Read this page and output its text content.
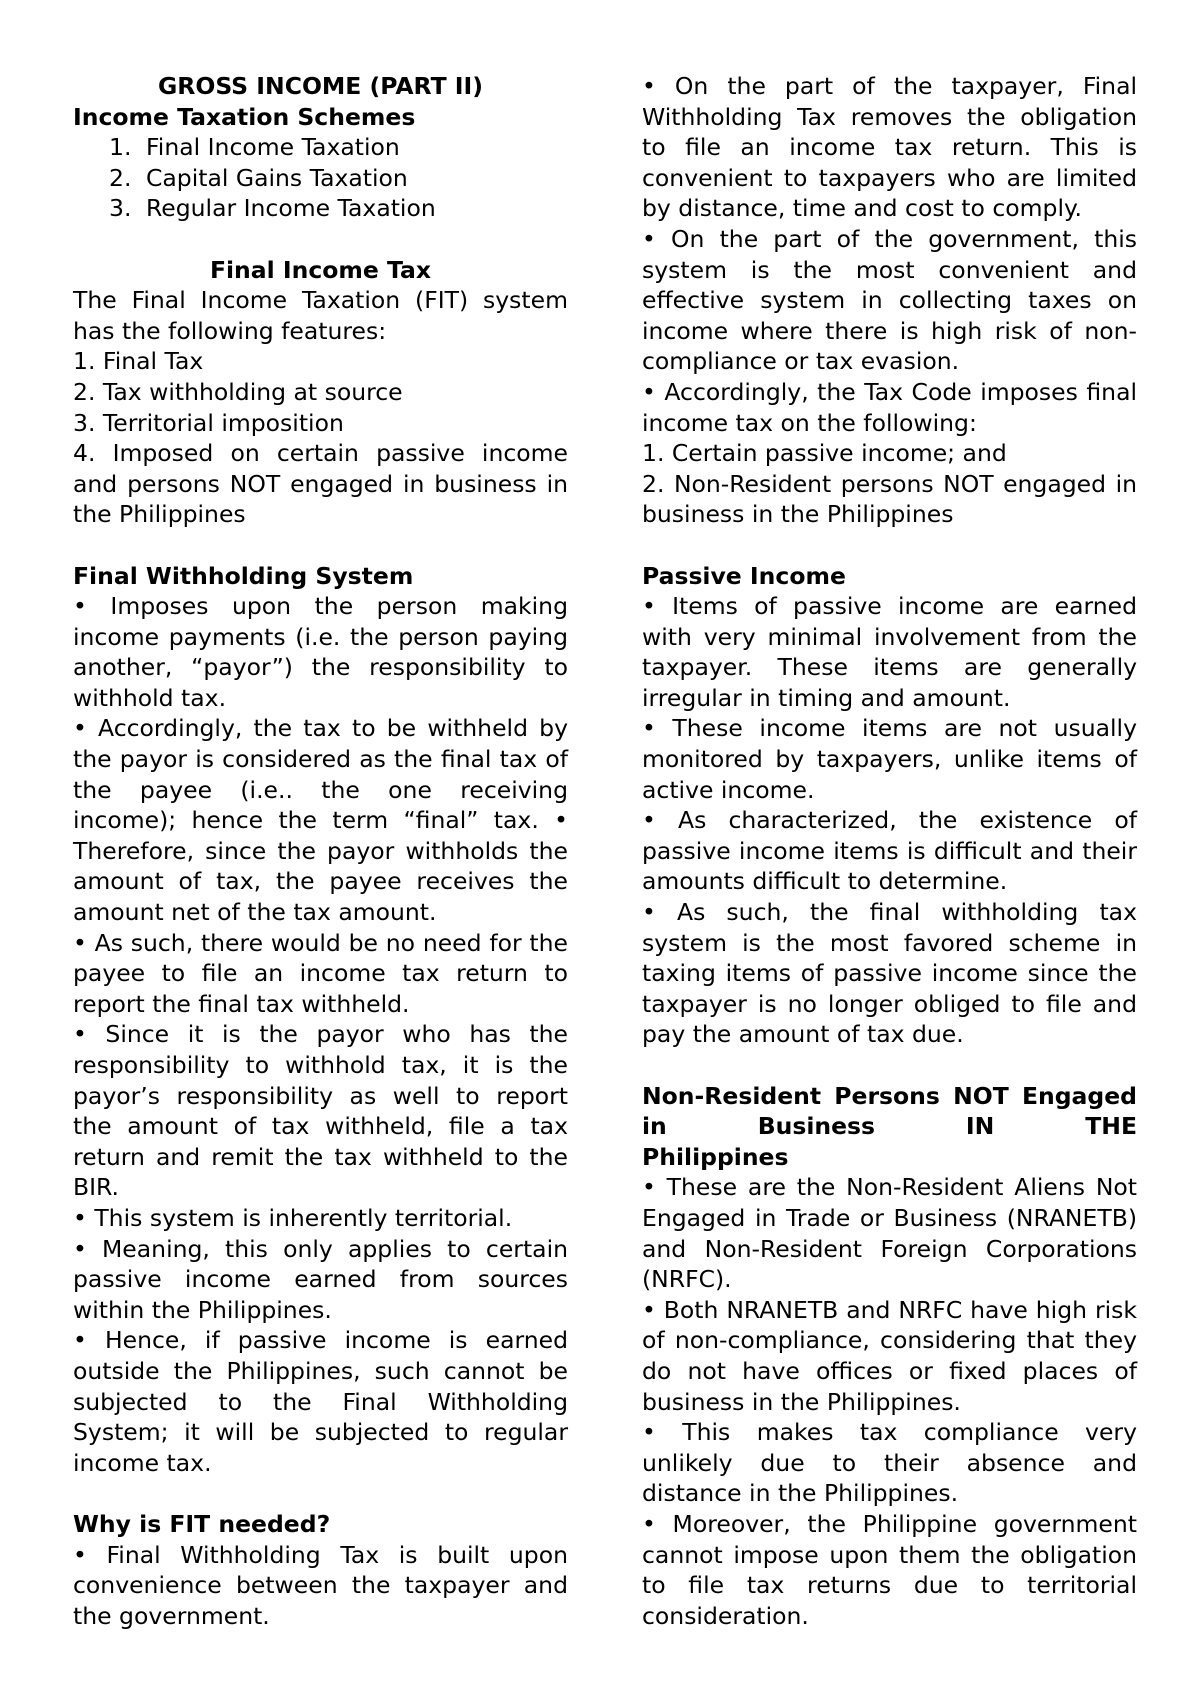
GROSS INCOME (PART II)

Income Taxation Schemes

1. Final Income Taxation
2. Capital Gains Taxation
3. Regular Income Taxation

Final Income Tax

The Final Income Taxation (FIT) system has the following features:

1. Final Tax

2. Tax withholding at source

3. Territorial imposition

4. Imposed on certain passive income and persons NOT engaged in business in the Philippines

Final Withholding System

• Imposes upon the person making income payments (i.e. the person paying another, “payor”) the responsibility to withhold tax.

• Accordingly, the tax to be withheld by the payor is considered as the final tax of the payee (i.e.. the one receiving income); hence the term “final” tax. • Therefore, since the payor withholds the amount of tax, the payee receives the amount net of the tax amount.

• As such, there would be no need for the payee to file an income tax return to report the final tax withheld.

• Since it is the payor who has the responsibility to withhold tax, it is the payor’s responsibility as well to report the amount of tax withheld, file a tax return and remit the tax withheld to the BIR.

• This system is inherently territorial.

• Meaning, this only applies to certain passive income earned from sources within the Philippines.

• Hence, if passive income is earned outside the Philippines, such cannot be subjected to the Final Withholding System; it will be subjected to regular income tax.

Why is FIT needed?

• Final Withholding Tax is built upon convenience between the taxpayer and the government.

• On the part of the taxpayer, Final Withholding Tax removes the obligation to file an income tax return. This is convenient to taxpayers who are limited by distance, time and cost to comply.

• On the part of the government, this system is the most convenient and effective system in collecting taxes on income where there is high risk of non-compliance or tax evasion.

• Accordingly, the Tax Code imposes final income tax on the following:

1. Certain passive income; and

2. Non-Resident persons NOT engaged in business in the Philippines

Passive Income

• Items of passive income are earned with very minimal involvement from the taxpayer. These items are generally irregular in timing and amount.

• These income items are not usually monitored by taxpayers, unlike items of active income.

• As characterized, the existence of passive income items is difficult and their amounts difficult to determine.

• As such, the final withholding tax system is the most favored scheme in taxing items of passive income since the taxpayer is no longer obliged to file and pay the amount of tax due.

Non-Resident Persons NOT Engaged in Business IN THE

Philippines

• These are the Non-Resident Aliens Not Engaged in Trade or Business (NRANETB) and Non-Resident Foreign Corporations (NRFC).

• Both NRANETB and NRFC have high risk of non-compliance, considering that they do not have offices or fixed places of business in the Philippines.

• This makes tax compliance very unlikely due to their absence and distance in the Philippines.

• Moreover, the Philippine government cannot impose upon them the obligation to file tax returns due to territorial consideration.
